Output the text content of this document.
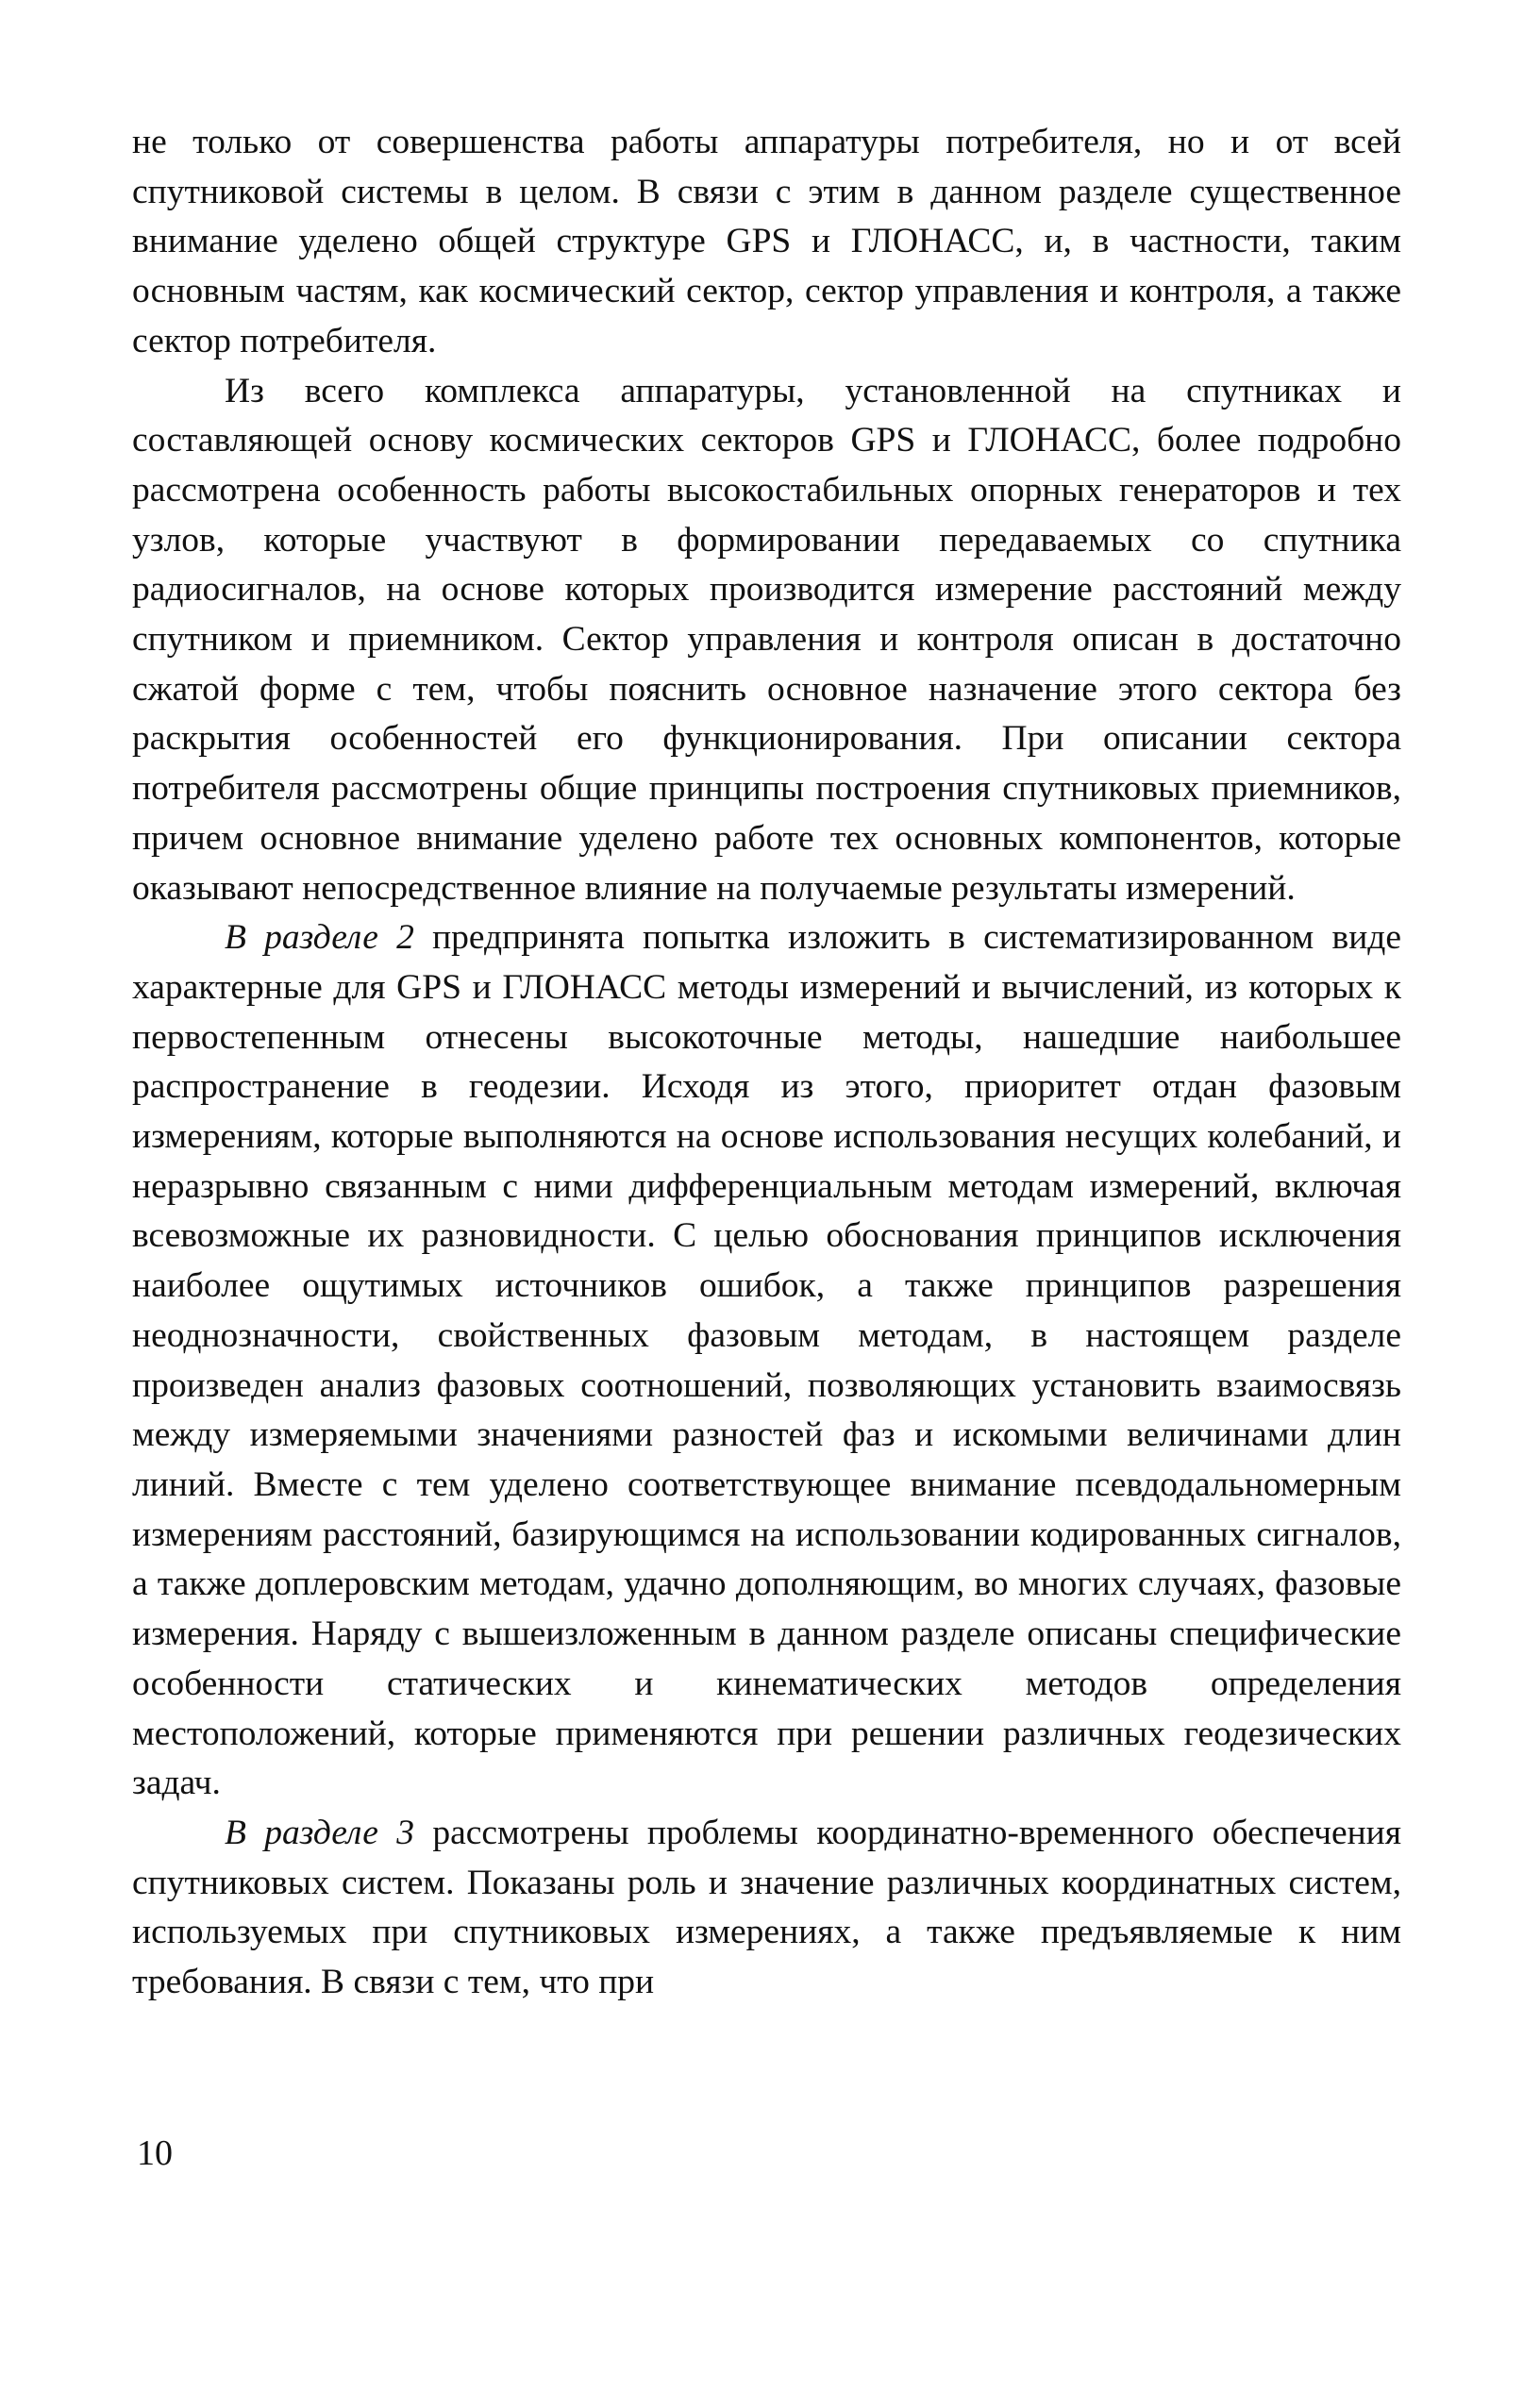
не только от совершенства работы аппаратуры потребителя, но и от всей спутниковой системы в целом. В связи с этим в данном разделе существенное внимание уделено общей структуре GPS и ГЛОНАСС, и, в частности, таким основным частям, как космический сектор, сектор управления и контроля, а также сектор потребителя.

Из всего комплекса аппаратуры, установленной на спутниках и составляющей основу космических секторов GPS и ГЛОНАСС, более подробно рассмотрена особенность работы высокостабильных опорных генераторов и тех узлов, которые участвуют в формировании передаваемых со спутника радиосигналов, на основе которых производится измерение расстояний между спутником и приемником. Сектор управления и контроля описан в достаточно сжатой форме с тем, чтобы пояснить основное назначение этого сектора без раскрытия особенностей его функционирования. При описании сектора потребителя рассмотрены общие принципы построения спутниковых приемников, причем основное внимание уделено работе тех основных компонентов, которые оказывают непосредственное влияние на получаемые результаты измерений.

В разделе 2 предпринята попытка изложить в систематизированном виде характерные для GPS и ГЛОНАСС методы измерений и вычислений, из которых к первостепенным отнесены высокоточные методы, нашедшие наибольшее распространение в геодезии. Исходя из этого, приоритет отдан фазовым измерениям, которые выполняются на основе использования несущих колебаний, и неразрывно связанным с ними дифференциальным методам измерений, включая всевозможные их разновидности. С целью обоснования принципов исключения наиболее ощутимых источников ошибок, а также принципов разрешения неоднозначности, свойственных фазовым методам, в настоящем разделе произведен анализ фазовых соотношений, позволяющих установить взаимосвязь между измеряемыми значениями разностей фаз и искомыми величинами длин линий. Вместе с тем уделено соответствующее внимание псевдодальномерным измерениям расстояний, базирующимся на использовании кодированных сигналов, а также доплеровским методам, удачно дополняющим, во многих случаях, фазовые измерения. Наряду с вышеизложенным в данном разделе описаны специфические особенности статических и кинематических методов определения местоположений, которые применяются при решении различных геодезических задач.

В разделе 3 рассмотрены проблемы координатно-временного обеспечения спутниковых систем. Показаны роль и значение различных координатных систем, используемых при спутниковых измерениях, а также предъявляемые к ним требования. В связи с тем, что при

10
